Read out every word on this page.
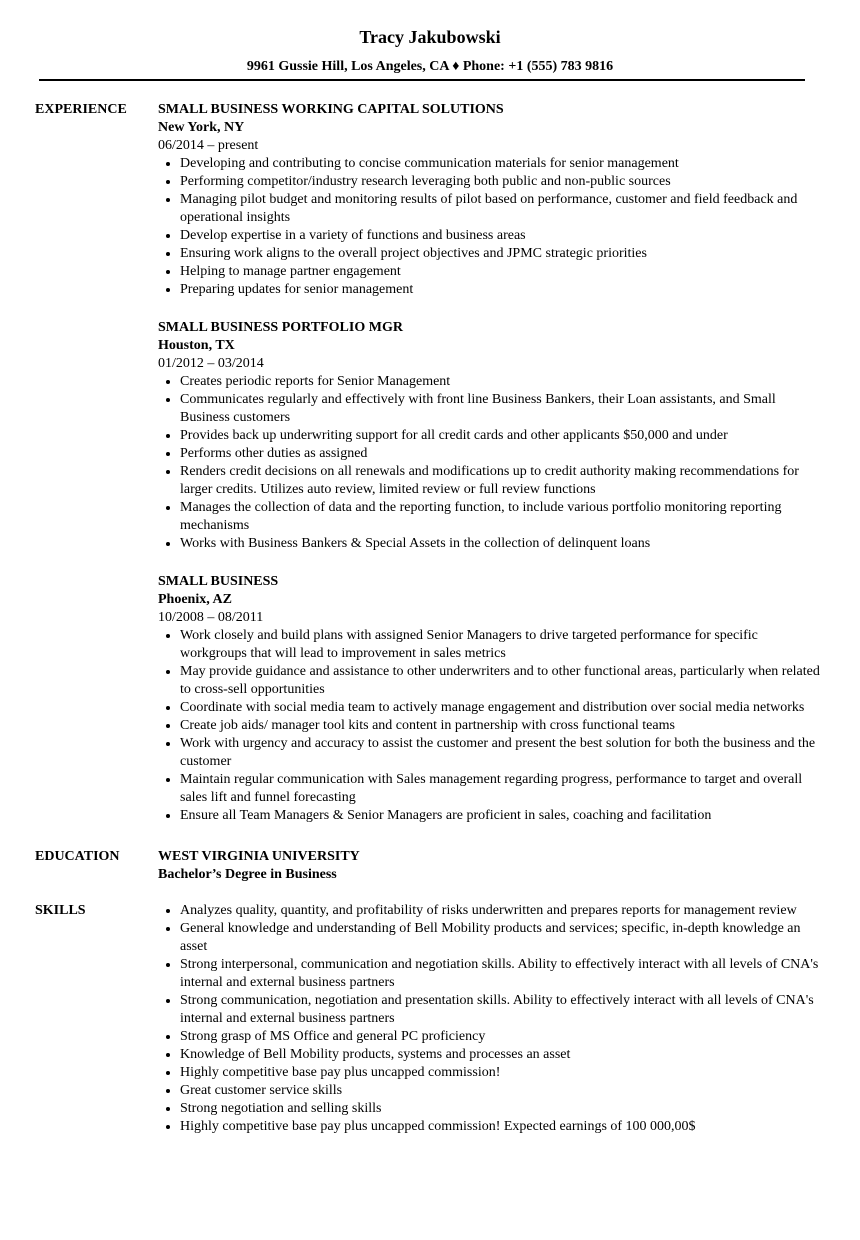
Tracy Jakubowski
9961 Gussie Hill, Los Angeles, CA ♦ Phone: +1 (555) 783 9816
EXPERIENCE SMALL BUSINESS WORKING CAPITAL SOLUTIONS
New York, NY
06/2014 – present
• Developing and contributing to concise communication materials for senior management
• Performing competitor/industry research leveraging both public and non-public sources
• Managing pilot budget and monitoring results of pilot based on performance, customer and field feedback and operational insights
• Develop expertise in a variety of functions and business areas
• Ensuring work aligns to the overall project objectives and JPMC strategic priorities
• Helping to manage partner engagement
• Preparing updates for senior management
SMALL BUSINESS PORTFOLIO MGR
Houston, TX
01/2012 – 03/2014
• Creates periodic reports for Senior Management
• Communicates regularly and effectively with front line Business Bankers, their Loan assistants, and Small Business customers
• Provides back up underwriting support for all credit cards and other applicants $50,000 and under
• Performs other duties as assigned
• Renders credit decisions on all renewals and modifications up to credit authority making recommendations for larger credits. Utilizes auto review, limited review or full review functions
• Manages the collection of data and the reporting function, to include various portfolio monitoring reporting mechanisms
• Works with Business Bankers & Special Assets in the collection of delinquent loans
SMALL BUSINESS
Phoenix, AZ
10/2008 – 08/2011
• Work closely and build plans with assigned Senior Managers to drive targeted performance for specific workgroups that will lead to improvement in sales metrics
• May provide guidance and assistance to other underwriters and to other functional areas, particularly when related to cross-sell opportunities
• Coordinate with social media team to actively manage engagement and distribution over social media networks
• Create job aids/ manager tool kits and content in partnership with cross functional teams
• Work with urgency and accuracy to assist the customer and present the best solution for both the business and the customer
• Maintain regular communication with Sales management regarding progress, performance to target and overall sales lift and funnel forecasting
• Ensure all Team Managers & Senior Managers are proficient in sales, coaching and facilitation
EDUCATION	WEST VIRGINIA UNIVERSITY
Bachelor’s Degree in Business
SKILLS
•	Analyzes quality, quantity, and profitability of risks underwritten and prepares reports for management review
• General knowledge and understanding of Bell Mobility products and services; specific, in-depth knowledge an asset
• Strong interpersonal, communication and negotiation skills. Ability to effectively interact with all levels of CNA's internal and external business partners
• Strong communication, negotiation and presentation skills. Ability to effectively interact with all levels of CNA's internal and external business partners
• Strong grasp of MS Office and general PC proficiency
• Knowledge of Bell Mobility products, systems and processes an asset
• Highly competitive base pay plus uncapped commission!
• Great customer service skills
• Strong negotiation and selling skills
• Highly competitive base pay plus uncapped commission! Expected earnings of 100 000,00$
